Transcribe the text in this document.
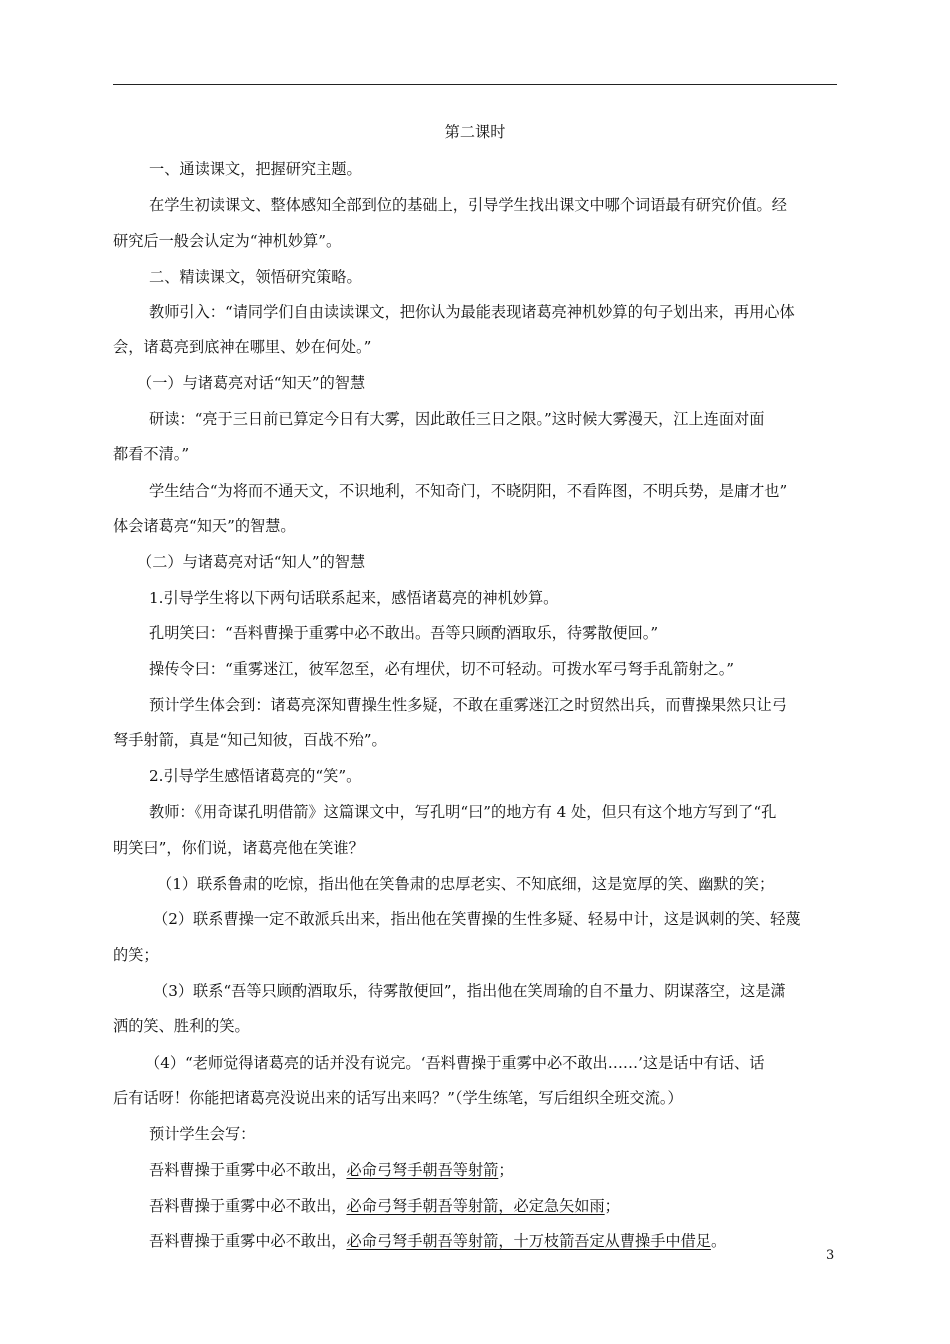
第二课时
一、通读课文，把握研究主题。
在学生初读课文、整体感知全部到位的基础上，引导学生找出课文中哪个词语最有研究价值。经
研究后一般会认定为“神机妙算”。
二、精读课文，领悟研究策略。
教师引入：“请同学们自由读读课文，把你认为最能表现诸葛亮神机妙算的句子划出来，再用心体
会，诸葛亮到底神在哪里、妙在何处。”
（一）与诸葛亮对话“知天”的智慧
研读：“亮于三日前已算定今日有大雾，因此敢任三日之限。”这时候大雾漫天，江上连面对面
都看不清。”
学生结合“为将而不通天文，不识地利，不知奇门，不晓阴阳，不看阵图，不明兵势，是庸才也”
体会诸葛亮“知天”的智慧。
（二）与诸葛亮对话“知人”的智慧
1.引导学生将以下两句话联系起来，感悟诸葛亮的神机妙算。
孔明笑曰：“吾料曹操于重雾中必不敢出。吾等只顾酌酒取乐，待雾散便回。”
操传令曰：“重雾迷江，彼军忽至，必有埋伏，切不可轻动。可拨水军弓弩手乱箭射之。”
预计学生体会到：诸葛亮深知曹操生性多疑，不敢在重雾迷江之时贸然出兵，而曹操果然只让弓
弩手射箭，真是“知己知彼，百战不殆”。
2.引导学生感悟诸葛亮的“笑”。
教师：《用奇谋孔明借箭》这篇课文中，写孔明“曰”的地方有 4 处，但只有这个地方写到了“孔
明笑曰”，你们说，诸葛亮他在笑谁？
（1）联系鲁肃的吃惊，指出他在笑鲁肃的忠厚老实、不知底细，这是宽厚的笑、幽默的笑；
（2）联系曹操一定不敢派兵出来，指出他在笑曹操的生性多疑、轻易中计，这是讽刺的笑、轻蔑
的笑；
（3）联系“吾等只顾酌酒取乐，待雾散便回”，指出他在笑周瑜的自不量力、阴谋落空，这是潇
洒的笑、胜利的笑。
（4）“老师觉得诸葛亮的话并没有说完。‘吾料曹操于重雾中必不敢出……’这是话中有话、话
后有话呀！你能把诸葛亮没说出来的话写出来吗？”（学生练笔，写后组织全班交流。）
预计学生会写：
吾料曹操于重雾中必不敢出，必命弓弩手朝吾等射箭；
吾料曹操于重雾中必不敢出，必命弓弩手朝吾等射箭，必定急矢如雨；
吾料曹操于重雾中必不敢出，必命弓弩手朝吾等射箭，十万枝箭吾定从曹操手中借足。
3
